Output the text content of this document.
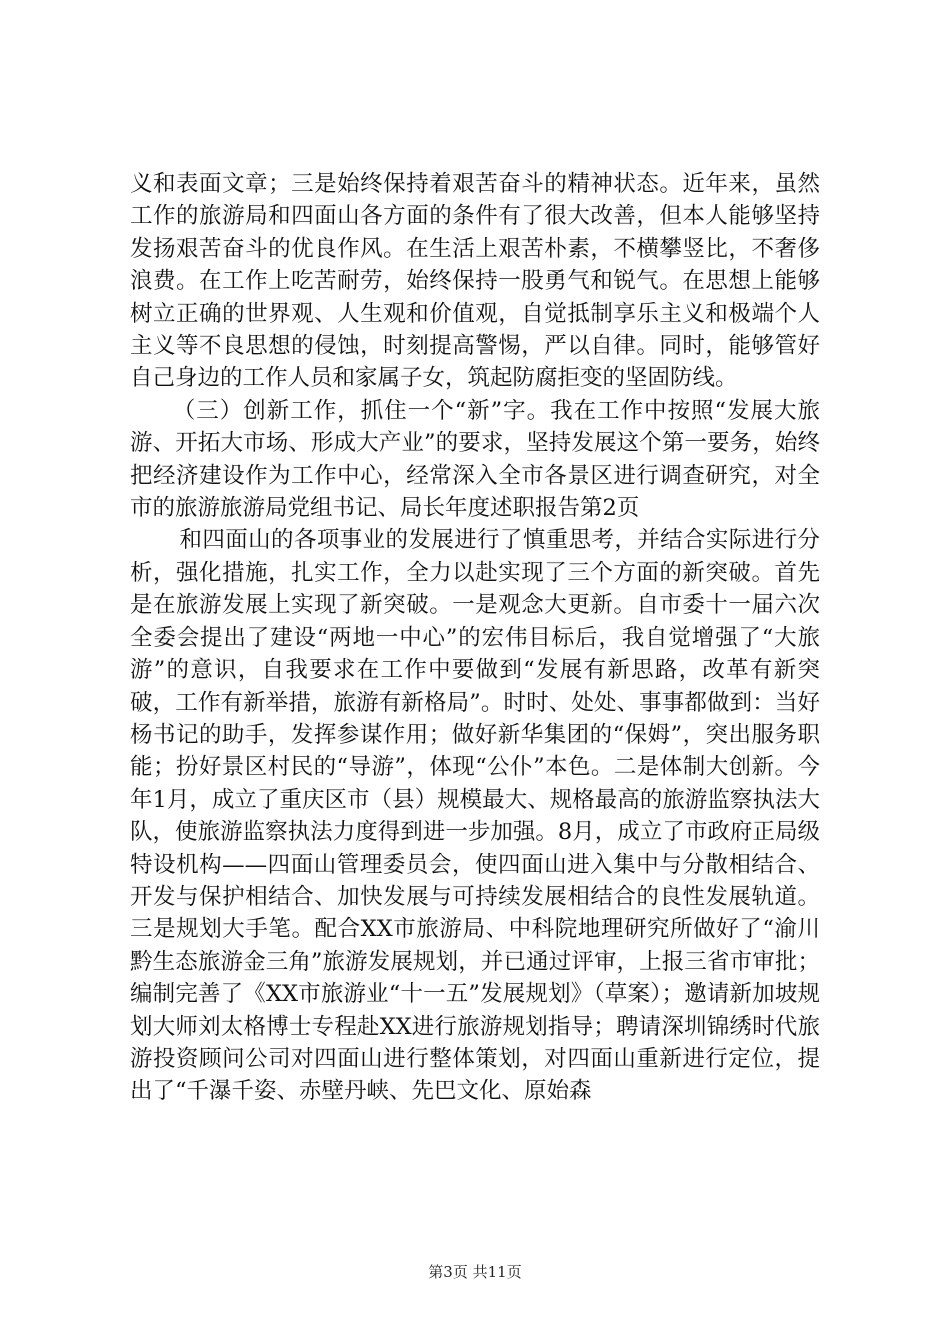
义和表面文章；三是始终保持着艰苦奋斗的精神状态。近年来，虽然工作的旅游局和四面山各方面的条件有了很大改善，但本人能够坚持发扬艰苦奋斗的优良作风。在生活上艰苦朴素，不横攀竖比，不奢侈浪费。在工作上吃苦耐劳，始终保持一股勇气和锐气。在思想上能够树立正确的世界观、人生观和价值观，自觉抵制享乐主义和极端个人主义等不良思想的侵蚀，时刻提高警惕，严以自律。同时，能够管好自己身边的工作人员和家属子女，筑起防腐拒变的坚固防线。

（三）创新工作，抓住一个“新”字。我在工作中按照“发展大旅游、开拓大市场、形成大产业”的要求，坚持发展这个第一要务，始终把经济建设作为工作中心，经常深入全市各景区进行调查研究，对全市的旅游旅游局党组书记、局长年度述职报告第2页

和四面山的各项事业的发展进行了慎重思考，并结合实际进行分析，强化措施，扎实工作，全力以赴实现了三个方面的新突破。首先是在旅游发展上实现了新突破。一是观念大更新。自市委十一届六次全委会提出了建设“两地一中心”的宏伟目标后，我自觉增强了“大旅游”的意识，自我要求在工作中要做到“发展有新思路，改革有新突破，工作有新举措，旅游有新格局”。时时、处处、事事都做到：当好杨书记的助手，发挥参谋作用；做好新华集团的“保姆”，突出服务职能；扮好景区村民的“导游”，体现“公仆”本色。二是体制大创新。今年1月，成立了重庆区市（县）规模最大、规格最高的旅游监察执法大队，使旅游监察执法力度得到进一步加强。8月，成立了市政府正局级特设机构——四面山管理委员会，使四面山进入集中与分散相结合、开发与保护相结合、加快发展与可持续发展相结合的良性发展轨道。三是规划大手笔。配合XX市旅游局、中科院地理研究所做好了“渝川黔生态旅游金三角”旅游发展规划，并已通过评审，上报三省市审批；编制完善了《XX市旅游业“十一五”发展规划》（草案）；邀请新加坡规划大师刘太格博士专程赴XX进行旅游规划指导；聘请深圳锦绣时代旅游投资顾问公司对四面山进行整体策划，对四面山重新进行定位，提出了“千瀑千姿、赤壁丹峡、先巴文化、原始森

第3页 共11页
